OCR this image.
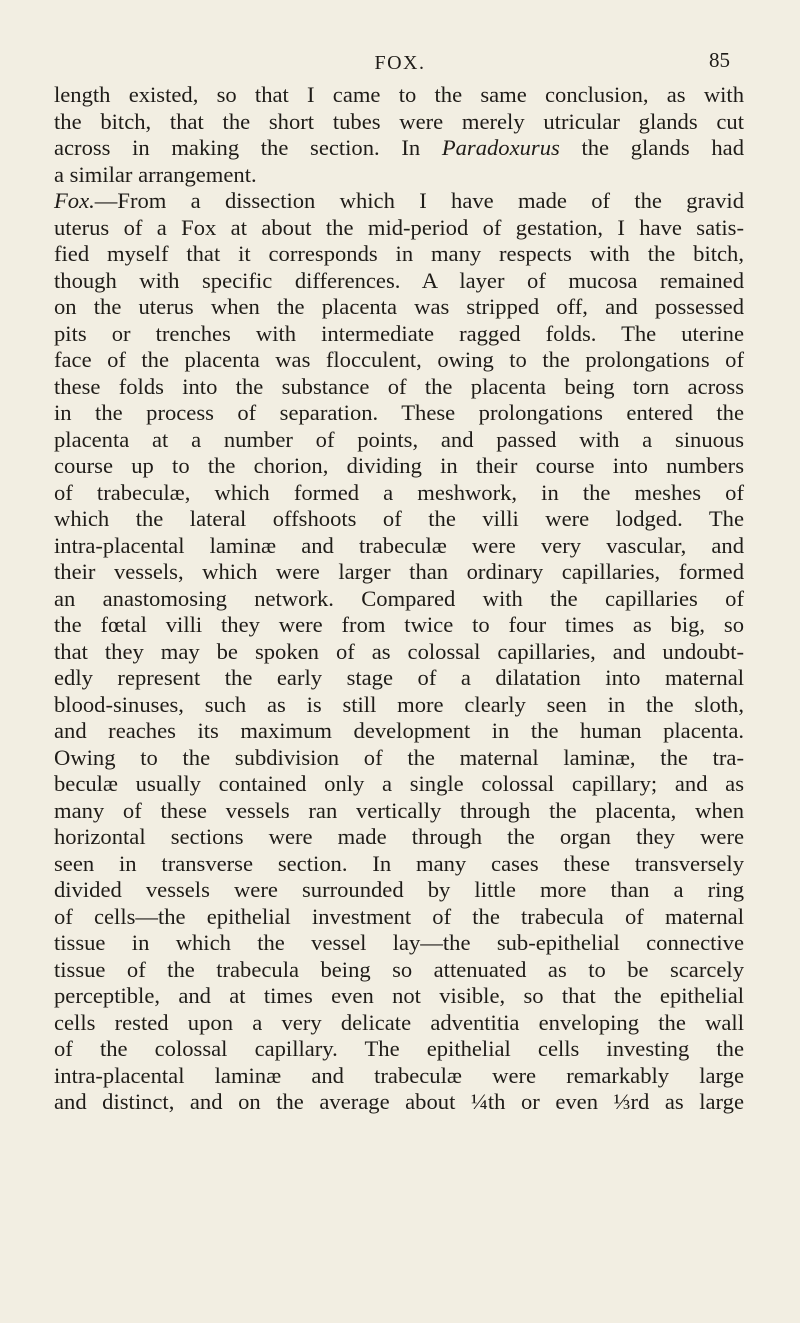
FOX.	85
length existed, so that I came to the same conclusion, as with
the bitch, that the short tubes were merely utricular glands cut
across in making the section. In Paradoxurus the glands had
a similar arrangement.
Fox.—From a dissection which I have made of the gravid
uterus of a Fox at about the mid-period of gestation, I have satis-
fied myself that it corresponds in many respects with the bitch,
though with specific differences. A layer of mucosa remained
on the uterus when the placenta was stripped off, and possessed
pits or trenches with intermediate ragged folds. The uterine
face of the placenta was flocculent, owing to the prolongations of
these folds into the substance of the placenta being torn across
in the process of separation. These prolongations entered the
placenta at a number of points, and passed with a sinuous
course up to the chorion, dividing in their course into numbers
of trabeculæ, which formed a meshwork, in the meshes of
which the lateral offshoots of the villi were lodged. The
intra-placental laminæ and trabeculæ were very vascular, and
their vessels, which were larger than ordinary capillaries, formed
an anastomosing network. Compared with the capillaries of
the fœtal villi they were from twice to four times as big, so
that they may be spoken of as colossal capillaries, and undoubt-
edly represent the early stage of a dilatation into maternal
blood-sinuses, such as is still more clearly seen in the sloth,
and reaches its maximum development in the human placenta.
Owing to the subdivision of the maternal laminæ, the tra-
beculæ usually contained only a single colossal capillary; and as
many of these vessels ran vertically through the placenta, when
horizontal sections were made through the organ they were
seen in transverse section. In many cases these transversely
divided vessels were surrounded by little more than a ring
of cells—the epithelial investment of the trabecula of maternal
tissue in which the vessel lay—the sub-epithelial connective
tissue of the trabecula being so attenuated as to be scarcely
perceptible, and at times even not visible, so that the epithelial
cells rested upon a very delicate adventitia enveloping the wall
of the colossal capillary. The epithelial cells investing the
intra-placental laminæ and trabeculæ were remarkably large
and distinct, and on the average about ¼th or even ⅓rd as large
